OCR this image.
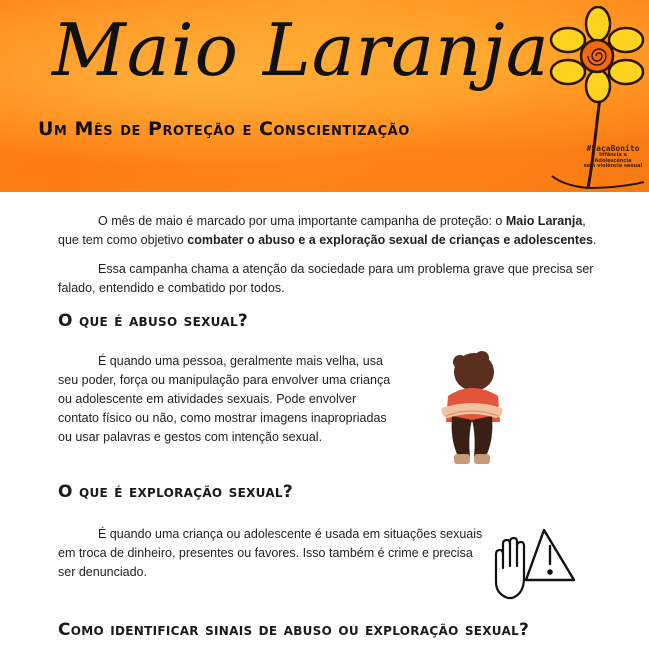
Maio Laranja
Um Mês de Proteção e Conscientização
#FaçaBonito
Infância e Adolescência
sem violência sexual

O mês de maio é marcado por uma importante campanha de proteção: o Maio Laranja, que tem como objetivo combater o abuso e a exploração sexual de crianças e adolescentes.

Essa campanha chama a atenção da sociedade para um problema grave que precisa ser falado, entendido e combatido por todos.

O que é abuso sexual?

É quando uma pessoa, geralmente mais velha, usa seu poder, força ou manipulação para envolver uma criança ou adolescente em atividades sexuais. Pode envolver contato físico ou não, como mostrar imagens inapropriadas ou usar palavras e gestos com intenção sexual.

O que é exploração sexual?

É quando uma criança ou adolescente é usada em situações sexuais em troca de dinheiro, presentes ou favores. Isso também é crime e precisa ser denunciado.

Como identificar sinais de abuso ou exploração sexual?
